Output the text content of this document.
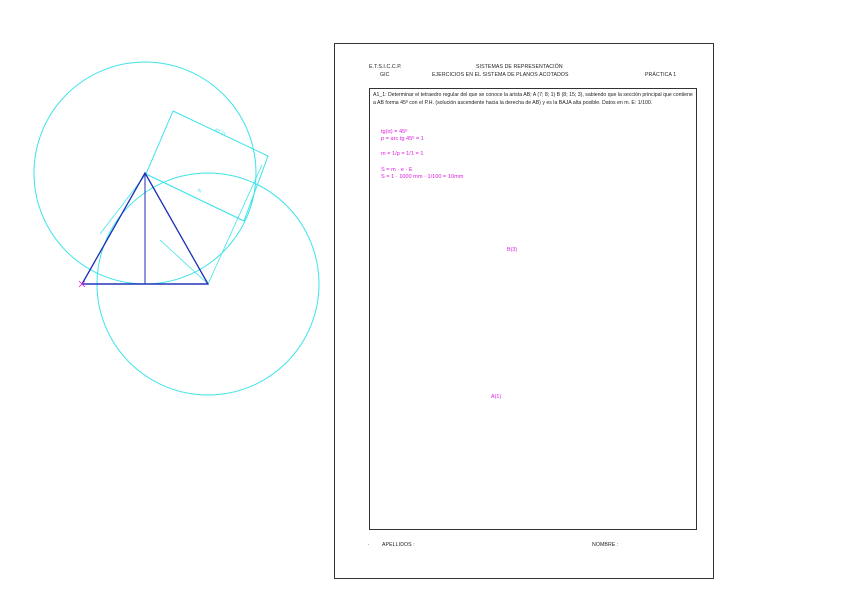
AT 1L
m
E.T.S.I.C.C.P.
GIC
SISTEMAS DE REPRESENTACIÓN
EJERCICIOS EN EL SISTEMA DE PLANOS ACOTADOS	PRÁCTICA 1
A1_1: Determinar el tetraedro regular del que se conoce la arista AB; A (7; 8; 1) B (8; 15; 3), sabiendo que la sección principal que contiene a AB forma 45º con el P.H. (solución ascendente hacia la derecha de AB) y es la BAJA alta posible. Datos en m. E: 1/100.
tg(α) = 45º
p = arc tg 45º = 1
m = 1/p = 1/1 = 1
S = m · e · E
S = 1 · 1000 mm · 1/100 = 10mm
B(3)
A(1)
. APELLIDOS :	NOMBRE :
